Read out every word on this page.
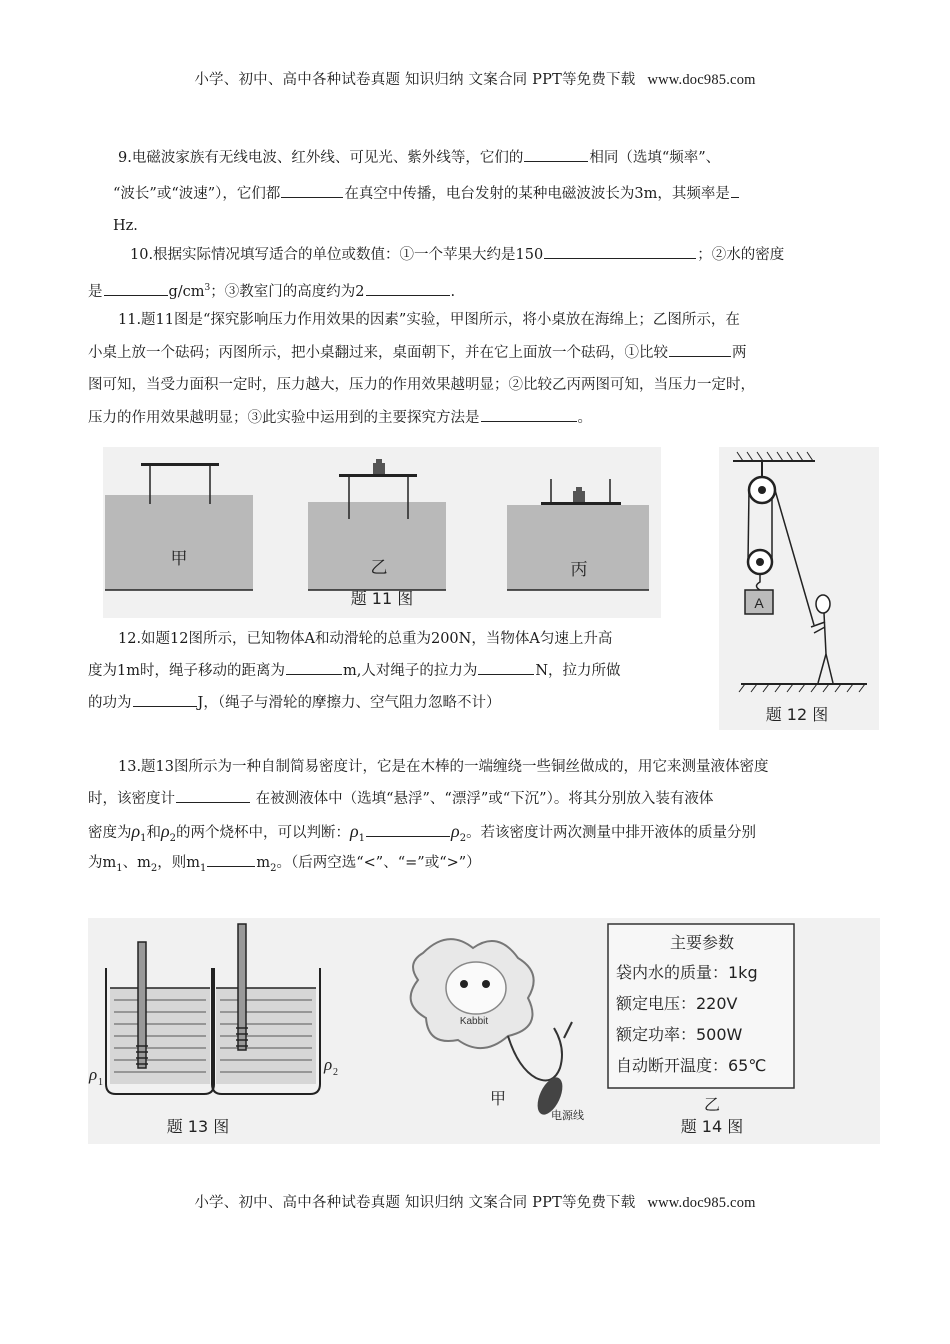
小学、初中、高中各种试卷真题 知识归纳 文案合同 PPT等免费下载 www.doc985.com
9.电磁波家族有无线电波、红外线、可见光、紫外线等，它们的	相同（选填“频率”、
“波长”或“波速”），它们都	在真空中传播，电台发射的某种电磁波波长为3m，其频率是
Hz.
10.根据实际情况填写适合的单位或数值：①一个苹果大约是150	；②水的密度
是	$g/cm^3$；③教室门的高度约为2	.
11.题11图是“探究影响压力作用效果的因素”实验，甲图所示，将小桌放在海绵上；乙图所示，在
小桌上放一个砝码；丙图所示，把小桌翻过来，桌面朝下，并在它上面放一个砝码，①比较	两
图可知，当受力面积一定时，压力越大，压力的作用效果越明显；②比较乙丙两图可知，当压力一定时，
压力的作用效果越明显；③此实验中运用到的主要探究方法是	。
甲	乙	丙
题 11 图	A
题 12 图
12.如题12图所示，已知物体A和动滑轮的总重为200N，当物体A匀速上升高
度为1m时，绳子移动的距离为	m,人对绳子的拉力为	N，拉力所做
的功为	J，（绳子与滑轮的摩擦力、空气阻力忽略不计）
13.题13图所示为一种自制简易密度计，它是在木棒的一端缠绕一些铜丝做成的，用它来测量液体密度
时，该密度计	在被测液体中（选填“悬浮”、“漂浮”或“下沉”）。将其分别放入装有液体
密度为$\rho_1$和$\rho_2$的两个烧杯中，可以判断：$\rho_1$	$\rho_2$。若该密度计两次测量中排开液体的质量分别
为$m_1$、$m_2$，则$m_1$	$m_2$。（后两空选“<”、“=”或“>”）
ρ 1
ρ 2
题 13 图
Kabbit
电源线
甲
题 14 图
主要参数
袋内水的质量：1kg
额定电压：220V
额定功率：500W
自动断开温度：65℃
乙
小学、初中、高中各种试卷真题 知识归纳 文案合同 PPT等免费下载 www.doc985.com
